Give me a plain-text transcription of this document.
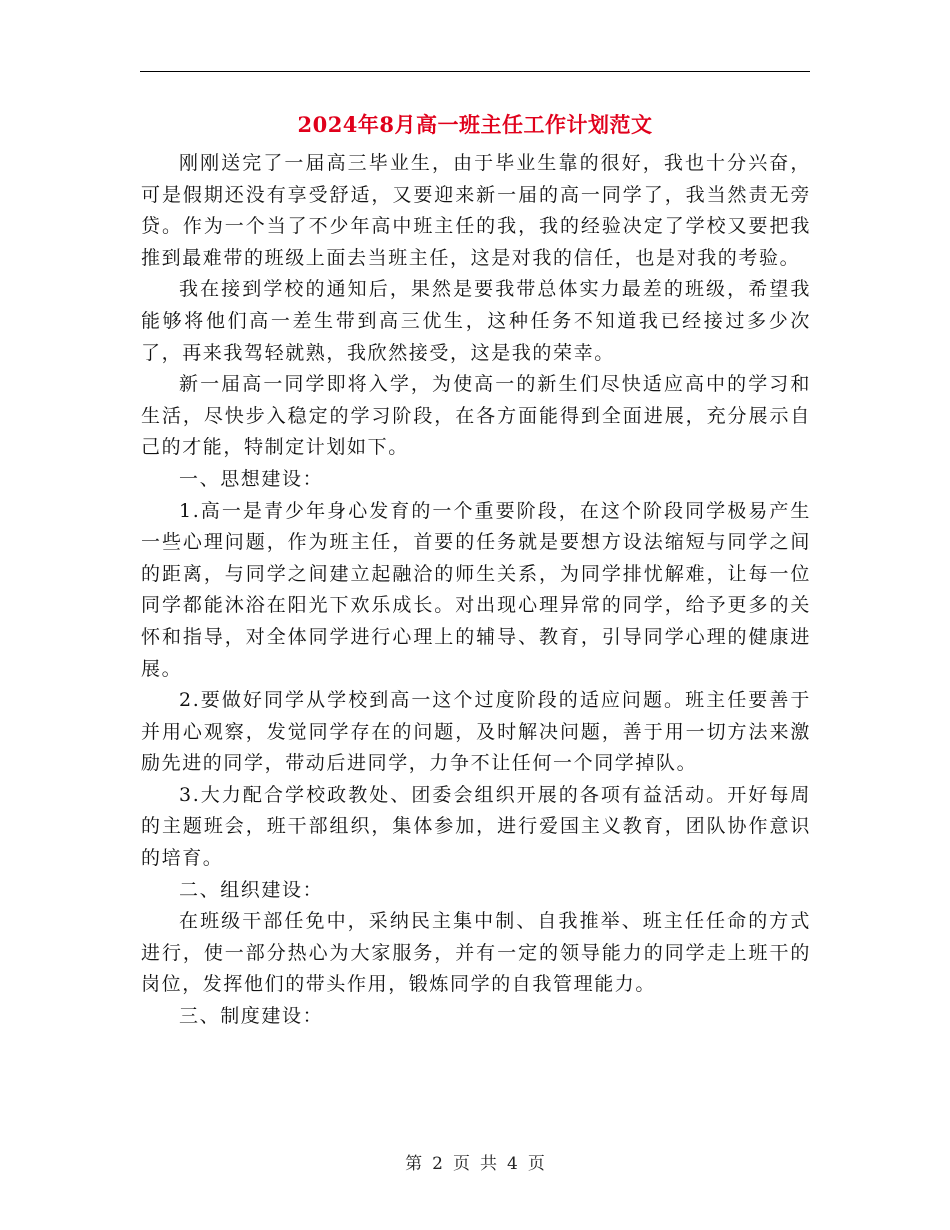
2024年8月高一班主任工作计划范文

刚刚送完了一届高三毕业生，由于毕业生靠的很好，我也十分兴奋，可是假期还没有享受舒适，又要迎来新一届的高一同学了，我当然责无旁贷。作为一个当了不少年高中班主任的我，我的经验决定了学校又要把我推到最难带的班级上面去当班主任，这是对我的信任，也是对我的考验。

我在接到学校的通知后，果然是要我带总体实力最差的班级，希望我能够将他们高一差生带到高三优生，这种任务不知道我已经接过多少次了，再来我驾轻就熟，我欣然接受，这是我的荣幸。

新一届高一同学即将入学，为使高一的新生们尽快适应高中的学习和生活，尽快步入稳定的学习阶段，在各方面能得到全面进展，充分展示自己的才能，特制定计划如下。

一、思想建设：

1.高一是青少年身心发育的一个重要阶段，在这个阶段同学极易产生一些心理问题，作为班主任，首要的任务就是要想方设法缩短与同学之间的距离，与同学之间建立起融洽的师生关系，为同学排忧解难，让每一位同学都能沐浴在阳光下欢乐成长。对出现心理异常的同学，给予更多的关怀和指导，对全体同学进行心理上的辅导、教育，引导同学心理的健康进展。

2.要做好同学从学校到高一这个过度阶段的适应问题。班主任要善于并用心观察，发觉同学存在的问题，及时解决问题，善于用一切方法来激励先进的同学，带动后进同学，力争不让任何一个同学掉队。

3.大力配合学校政教处、团委会组织开展的各项有益活动。开好每周的主题班会，班干部组织，集体参加，进行爱国主义教育，团队协作意识的培育。

二、组织建设：

在班级干部任免中，采纳民主集中制、自我推举、班主任任命的方式进行，使一部分热心为大家服务，并有一定的领导能力的同学走上班干的岗位，发挥他们的带头作用，锻炼同学的自我管理能力。

三、制度建设：

第 2 页 共 4 页
